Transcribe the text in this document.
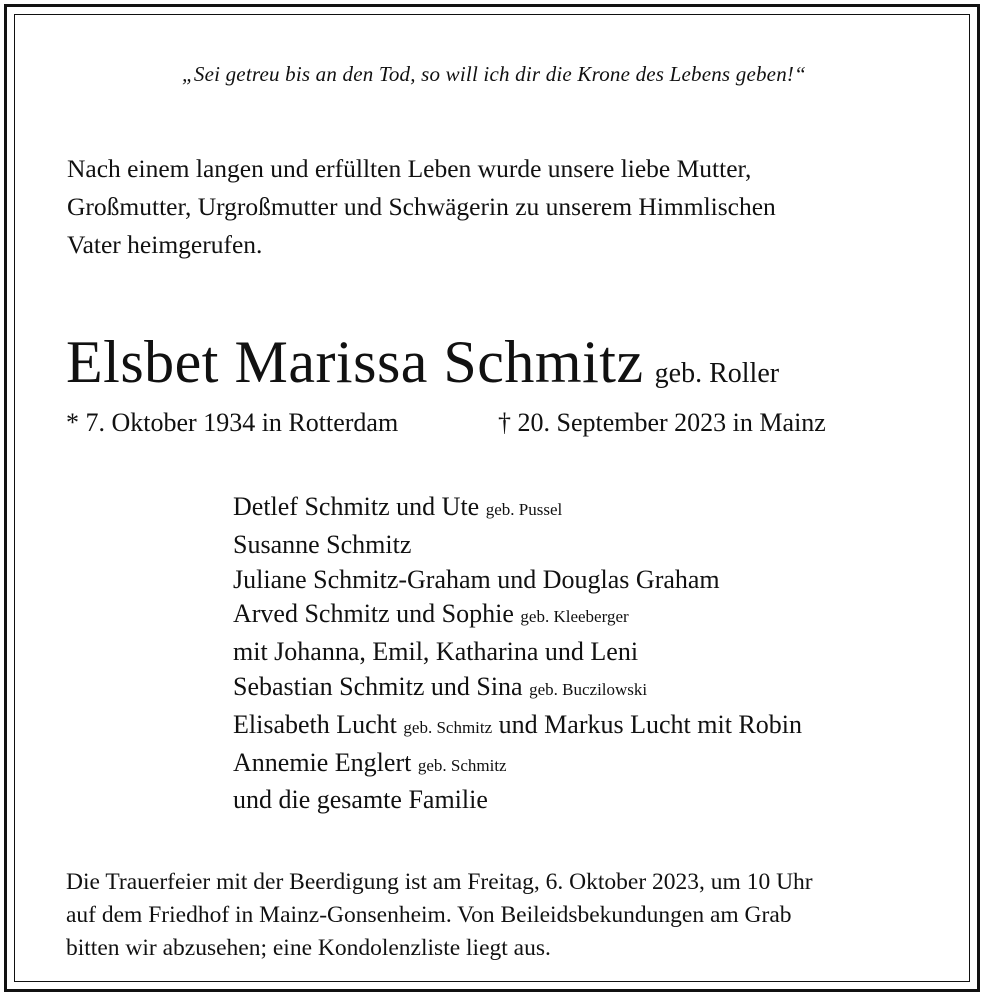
„Sei getreu bis an den Tod, so will ich dir die Krone des Lebens geben!“
Nach einem langen und erfüllten Leben wurde unsere liebe Mutter,
Großmutter, Urgroßmutter und Schwägerin zu unserem Himmlischen
Vater heimgerufen.
Elsbet Marissa Schmitz geb. Roller
* 7. Oktober 1934 in Rotterdam	† 20. September 2023 in Mainz
Detlef Schmitz und Ute geb. Pussel
Susanne Schmitz
Juliane Schmitz-Graham und Douglas Graham
Arved Schmitz und Sophie geb. Kleeberger
mit Johanna, Emil, Katharina und Leni
Sebastian Schmitz und Sina geb. Buczilowski
Elisabeth Lucht geb. Schmitz und Markus Lucht mit Robin
Annemie Englert geb. Schmitz
und die gesamte Familie
Die Trauerfeier mit der Beerdigung ist am Freitag, 6. Oktober 2023, um 10 Uhr
auf dem Friedhof in Mainz-Gonsenheim. Von Beileidsbekundungen am Grab
bitten wir abzusehen; eine Kondolenzliste liegt aus.
